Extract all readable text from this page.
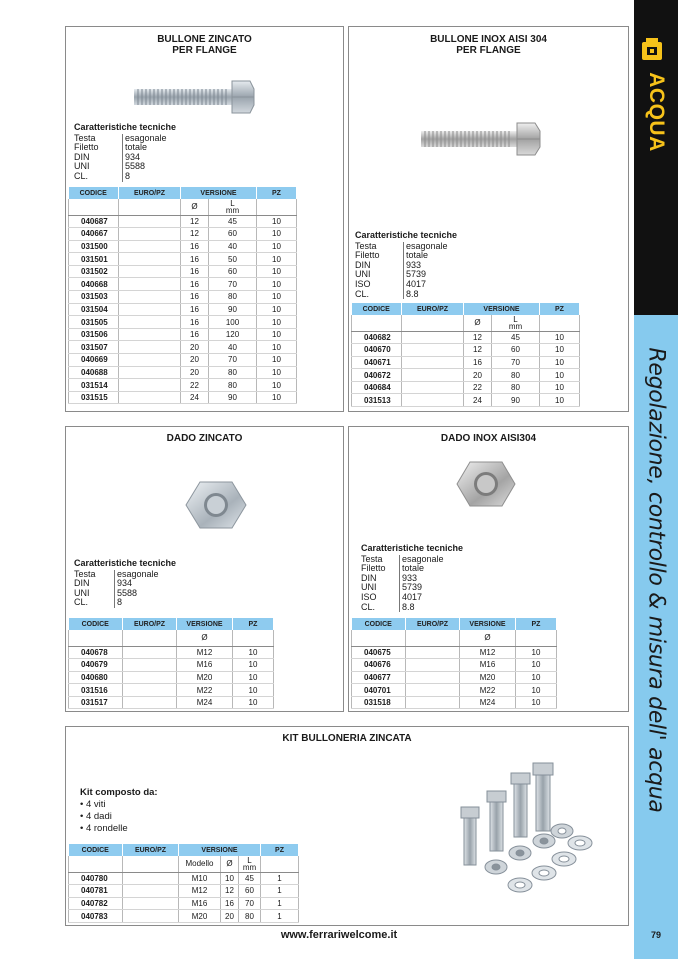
ACQUA
Regolazione, controllo & misura dell' acqua
BULLONE ZINCATO
PER FLANGE
Caratteristiche tecniche
Testa	esagonale
Filetto	totale
DIN	934
UNI	5588
CL.	8
CODICE	EURO/PZ	VERSIONE		PZ
		Ø	L
mm	

040687		12	45	10
040667		12	60	10
031500		16	40	10
031501		16	50	10
031502		16	60	10
040668		16	70	10
031503		16	80	10
031504		16	90	10
031505		16	100	10
031506		16	120	10
031507		20	40	10
040669		20	70	10
040688		20	80	10
031514		22	80	10
031515		24	90	10
BULLONE INOX AISI 304
PER FLANGE
Caratteristiche tecniche
Testa	esagonale
Filetto	totale
DIN	933
UNI	5739
ISO	4017
CL.	8.8
CODICE	EURO/PZ	VERSIONE		PZ
		Ø	L
mm	

040682		12	45	10
040670		12	60	10
040671		16	70	10
040672		20	80	10
040684		22	80	10
031513		24	90	10
DADO ZINCATO
Caratteristiche tecniche
Testa	esagonale
DIN	934
UNI	5588
CL.	8
CODICE	EURO/PZ	VERSIONE	PZ
		Ø	
040678		M12	10
040679		M16	10
040680		M20	10
031516		M22	10
031517		M24	10
DADO INOX AISI304
Caratteristiche tecniche
Testa	esagonale
Filetto	totale
DIN	933
UNI	5739
ISO	4017
CL.	8.8
CODICE	EURO/PZ	VERSIONE	PZ
		Ø	
040675		M12	10
040676		M16	10
040677		M20	10
040701		M22	10
031518		M24	10
KIT BULLONERIA ZINCATA
Kit composto da:
• 4 viti
• 4 dadi
• 4 rondelle
CODICE	EURO/PZ	VERSIONE			PZ
		Modello	Ø	L
mm	

040780		M10	10	45	1
040781		M12	12	60	1
040782		M16	16	70	1
040783		M20	20	80	1
www.ferrariwelcome.it	79
